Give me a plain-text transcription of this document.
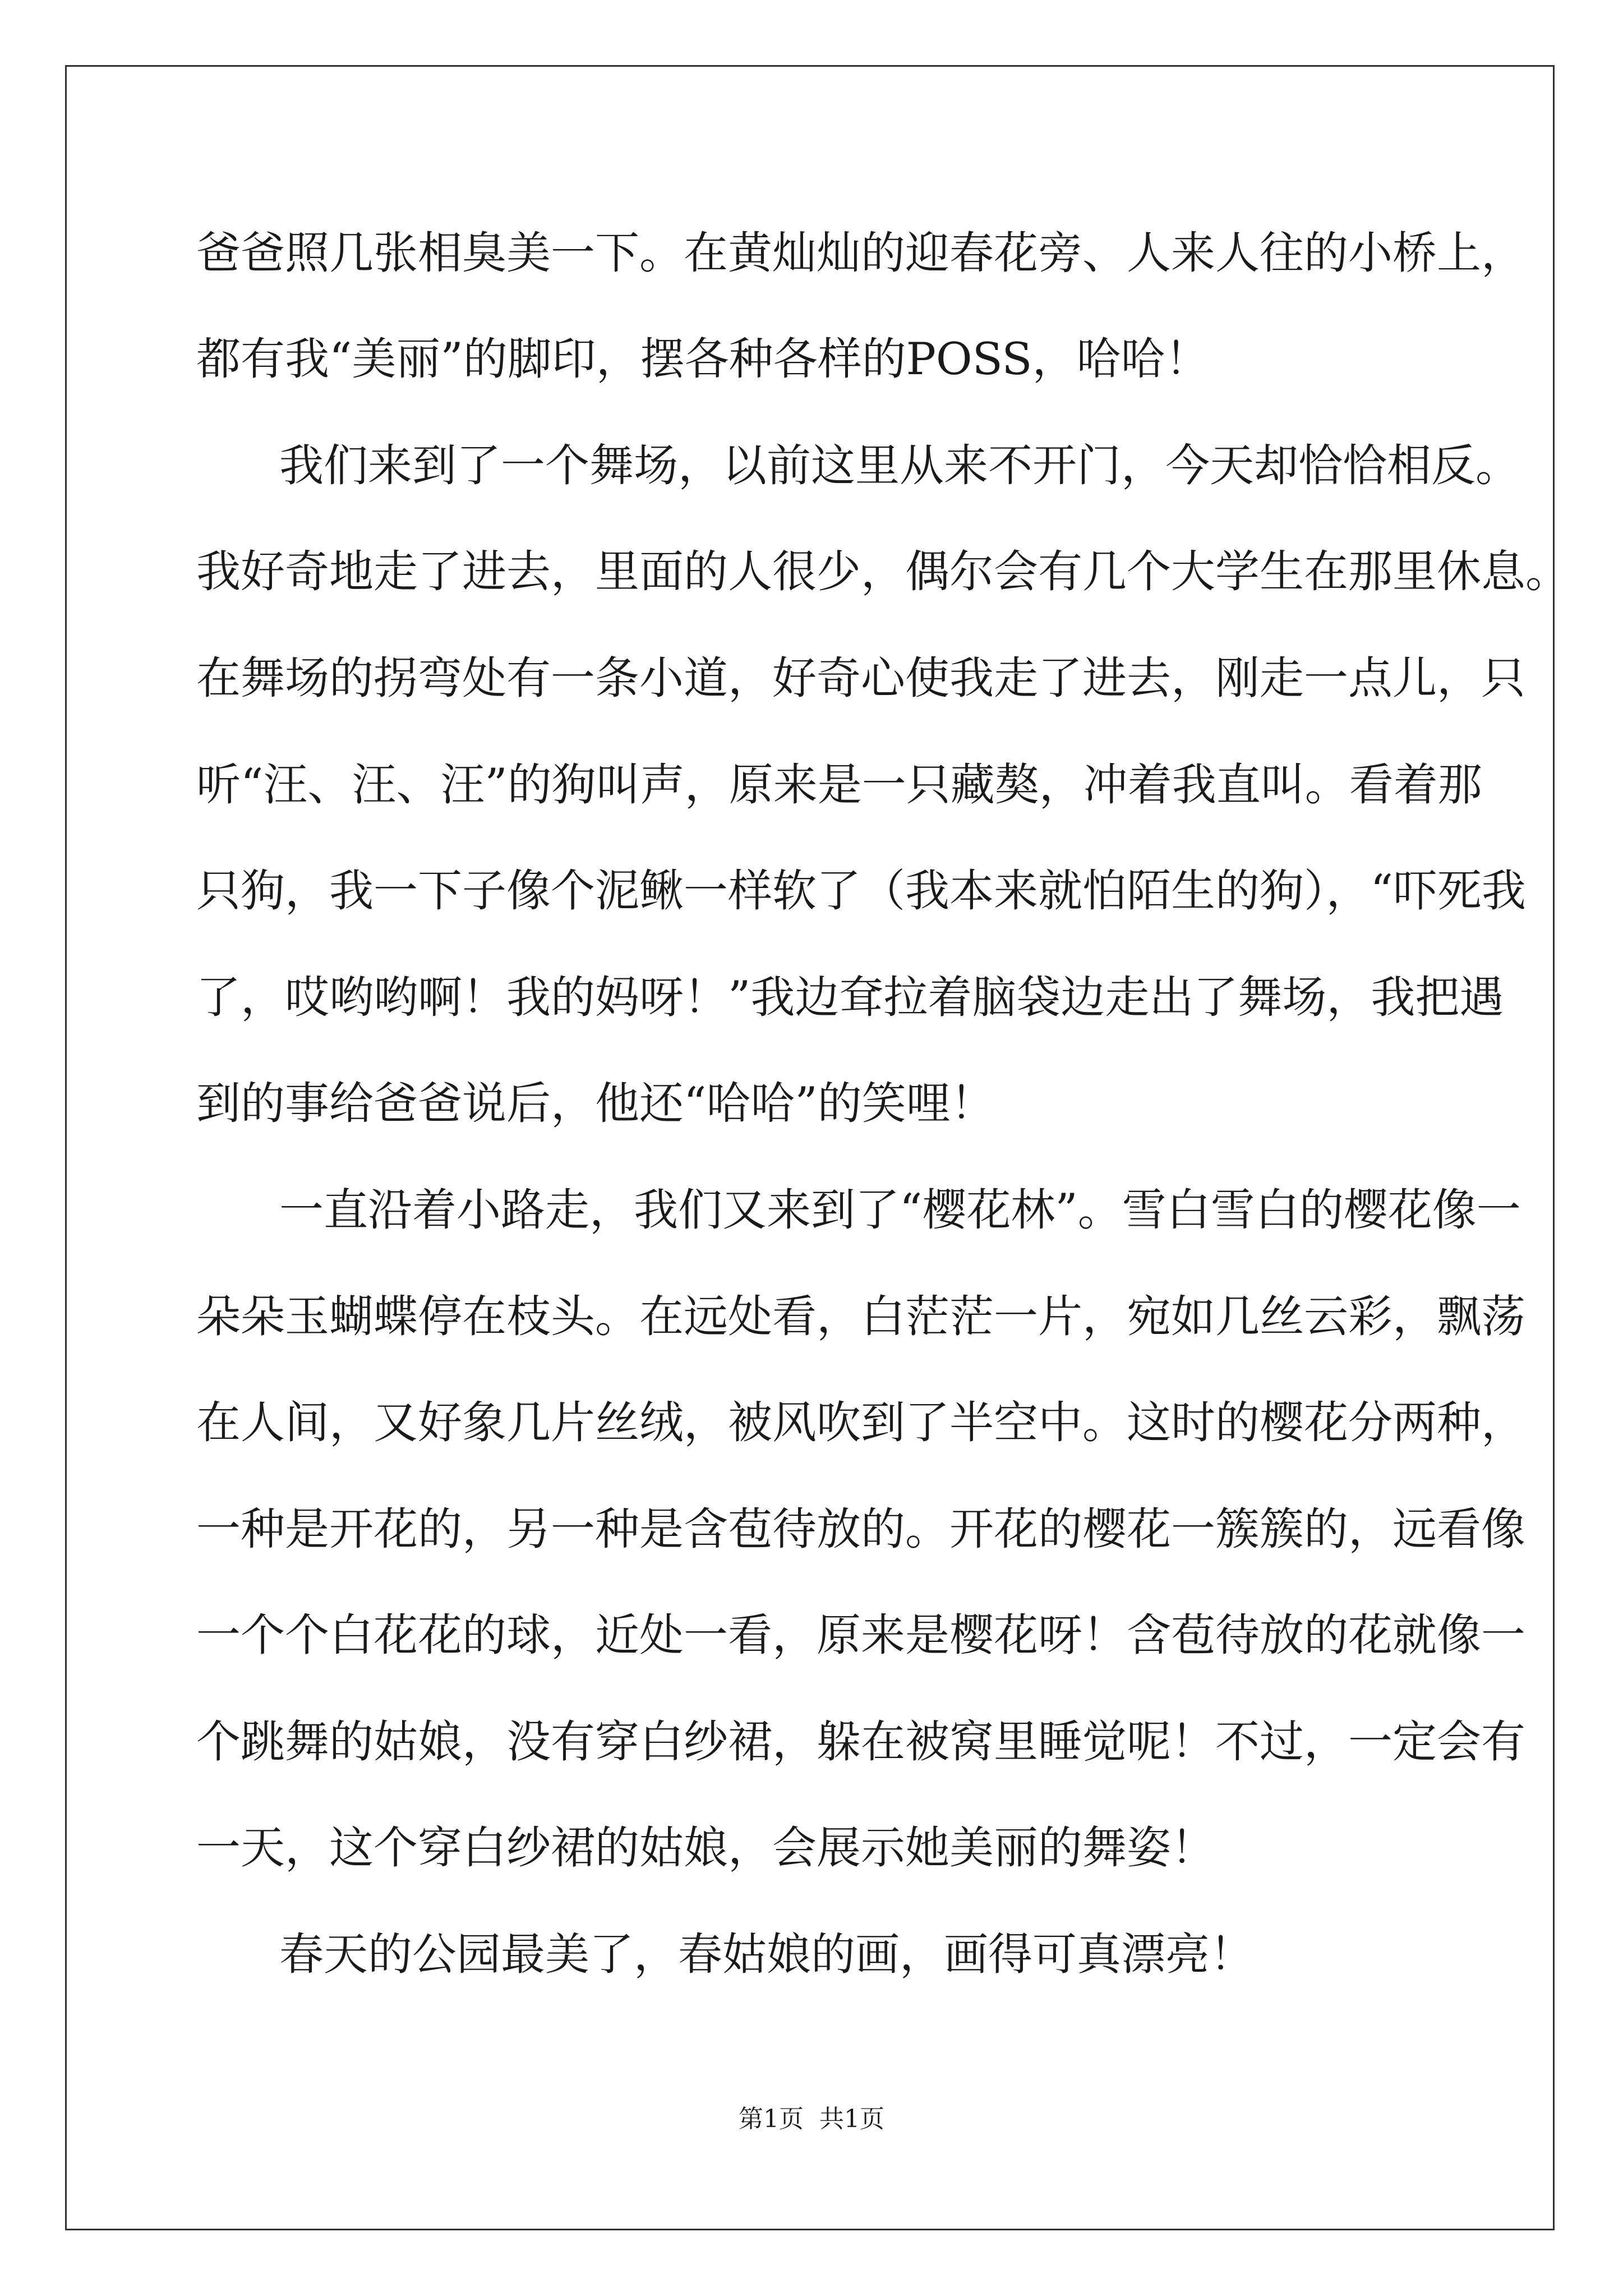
爸爸照几张相臭美一下。在黄灿灿的迎春花旁、人来人往的小桥上，
都有我“美丽”的脚印，摆各种各样的POSS，哈哈！
我们来到了一个舞场，以前这里从来不开门，今天却恰恰相反。
我好奇地走了进去，里面的人很少，偶尔会有几个大学生在那里休息。
在舞场的拐弯处有一条小道，好奇心使我走了进去，刚走一点儿，只
听“汪、汪、汪”的狗叫声，原来是一只藏獒，冲着我直叫。看着那
只狗，我一下子像个泥鳅一样软了（我本来就怕陌生的狗），“吓死我
了，哎哟哟啊！我的妈呀！”我边耷拉着脑袋边走出了舞场，我把遇
到的事给爸爸说后，他还“哈哈”的笑哩！
一直沿着小路走，我们又来到了“樱花林”。雪白雪白的樱花像一
朵朵玉蝴蝶停在枝头。在远处看，白茫茫一片，宛如几丝云彩，飘荡
在人间，又好象几片丝绒，被风吹到了半空中。这时的樱花分两种，
一种是开花的，另一种是含苞待放的。开花的樱花一簇簇的，远看像
一个个白花花的球，近处一看，原来是樱花呀！含苞待放的花就像一
个跳舞的姑娘，没有穿白纱裙，躲在被窝里睡觉呢！不过，一定会有
一天，这个穿白纱裙的姑娘，会展示她美丽的舞姿！
春天的公园最美了，春姑娘的画，画得可真漂亮！
第1页  共1页
